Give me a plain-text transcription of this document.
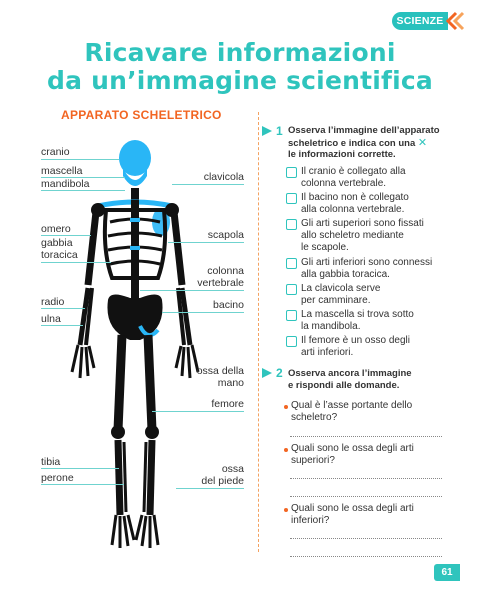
SCIENZE
Ricavare informazioni
da un’immagine scientifica
APPARATO SCHELETRICO
cranio
mascella
mandibola
omero
gabbia
toracica
radio
ulna
tibia
perone
clavicola
scapola
colonna
vertebrale
bacino
ossa della
mano
femore
ossa
del piede
1 Osserva l’immagine dell’apparato
scheletrico e indica con una ✕
le informazioni corrette.
Il cranio è collegato alla
colonna vertebrale.
Il bacino non è collegato
alla colonna vertebrale.
Gli arti superiori sono fissati
allo scheletro mediante
le scapole.
Gli arti inferiori sono connessi
alla gabbia toracica.
La clavicola serve
per camminare.
La mascella si trova sotto
la mandibola.
Il femore è un osso degli
arti inferiori.
2 Osserva ancora l’immagine
e rispondi alle domande.
Qual è l’asse portante dello
scheletro?
Quali sono le ossa degli arti
superiori?
Quali sono le ossa degli arti
inferiori?
61
